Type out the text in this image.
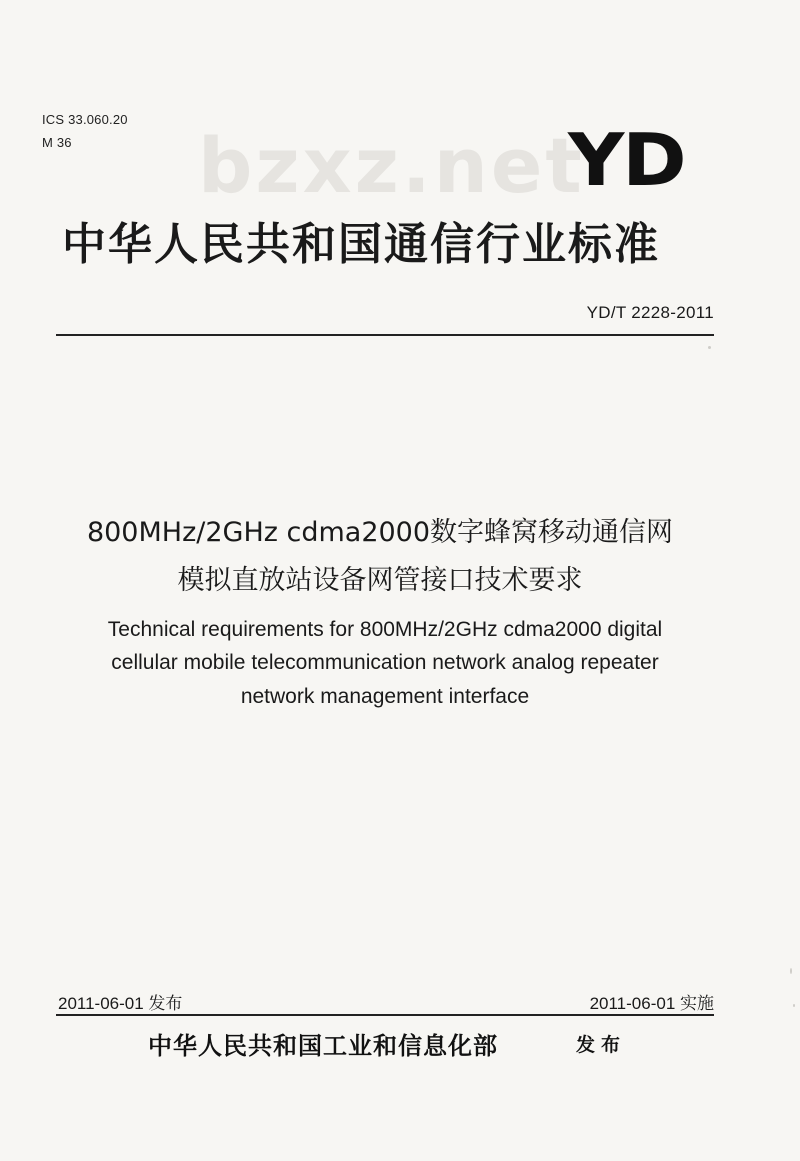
ICS 33.060.20
M 36 bzxz.net
YD
中华人民共和国通信行业标准
YD/T 2228-2011
800MHz/2GHz cdma2000数字蜂窝移动通信网
模拟直放站设备网管接口技术要求
Technical requirements for 800MHz/2GHz cdma2000 digital
cellular mobile telecommunication network analog repeater
network management interface
2011-06-01 发布	2011-06-01 实施
中华人民共和国工业和信息化部	发布
